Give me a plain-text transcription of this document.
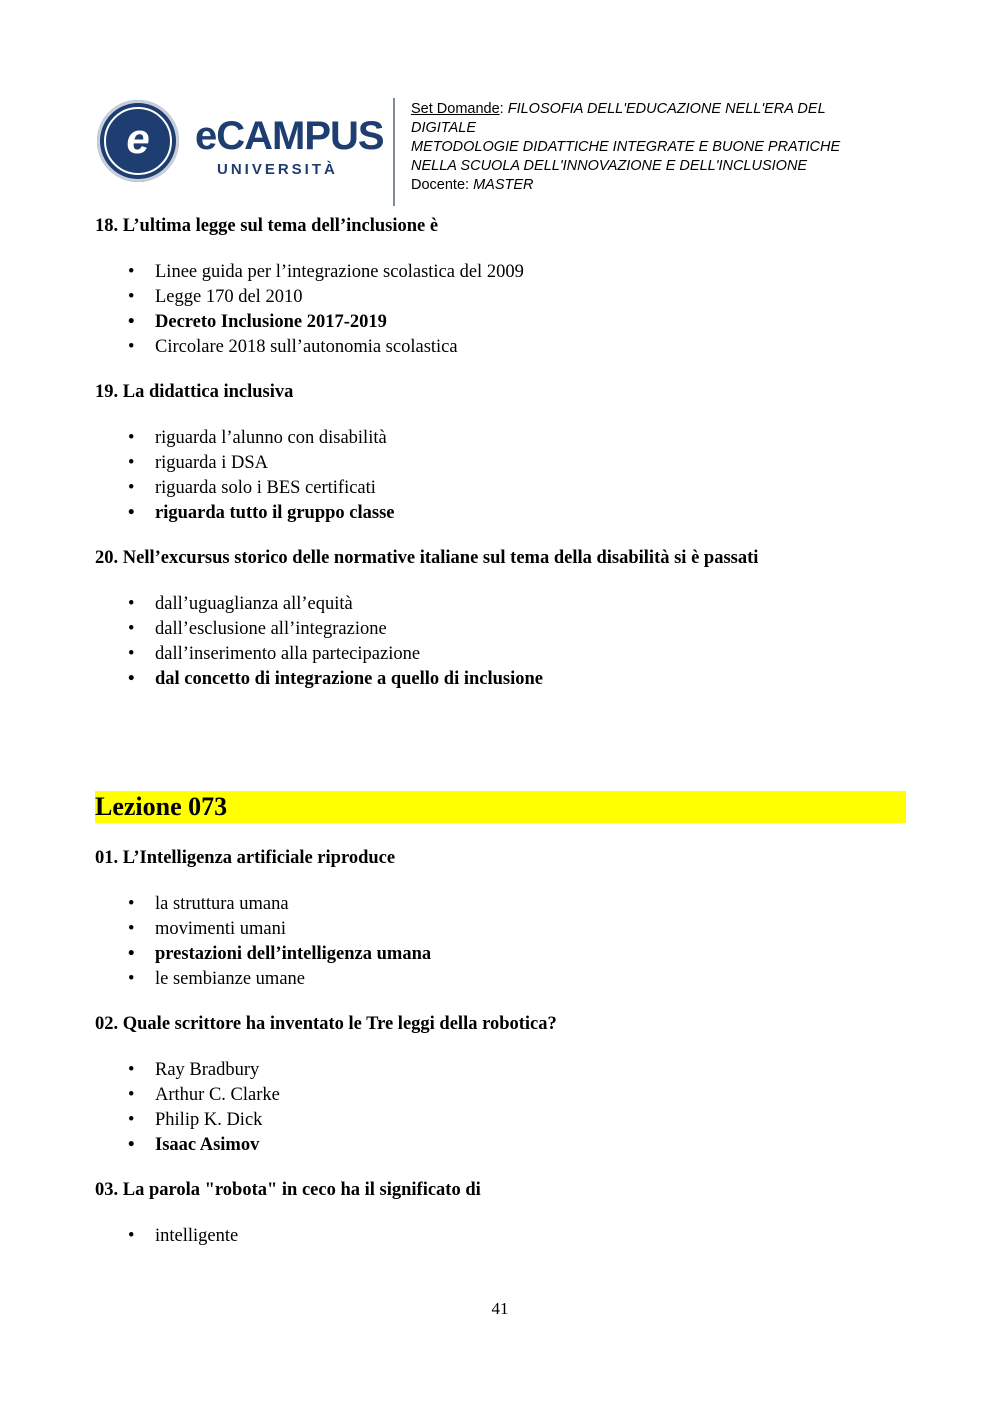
e	eCAMPUS
UNIVERSITÀ
Set Domande: FILOSOFIA DELL'EDUCAZIONE NELL'ERA DEL
DIGITALE
METODOLOGIE DIDATTICHE INTEGRATE E BUONE PRATICHE
NELLA SCUOLA DELL'INNOVAZIONE E DELL'INCLUSIONE
Docente: MASTER

18. L’ultima legge sul tema dell’inclusione è

• Linee guida per l’integrazione scolastica del 2009
• Legge 170 del 2010
• Decreto Inclusione 2017-2019
• Circolare 2018 sull’autonomia scolastica

19. La didattica inclusiva

• riguarda l’alunno con disabilità
• riguarda i DSA
• riguarda solo i BES certificati
• riguarda tutto il gruppo classe

20. Nell’excursus storico delle normative italiane sul tema della disabilità si è passati

• dall’uguaglianza all’equità
• dall’esclusione all’integrazione
• dall’inserimento alla partecipazione
• dal concetto di integrazione a quello di inclusione
Lezione 073

01. L’Intelligenza artificiale riproduce

• la struttura umana
• movimenti umani
• prestazioni dell’intelligenza umana
• le sembianze umane

02. Quale scrittore ha inventato le Tre leggi della robotica?

• Ray Bradbury
• Arthur C. Clarke
• Philip K. Dick
• Isaac Asimov

03. La parola "robota" in ceco ha il significato di

• intelligente
41
